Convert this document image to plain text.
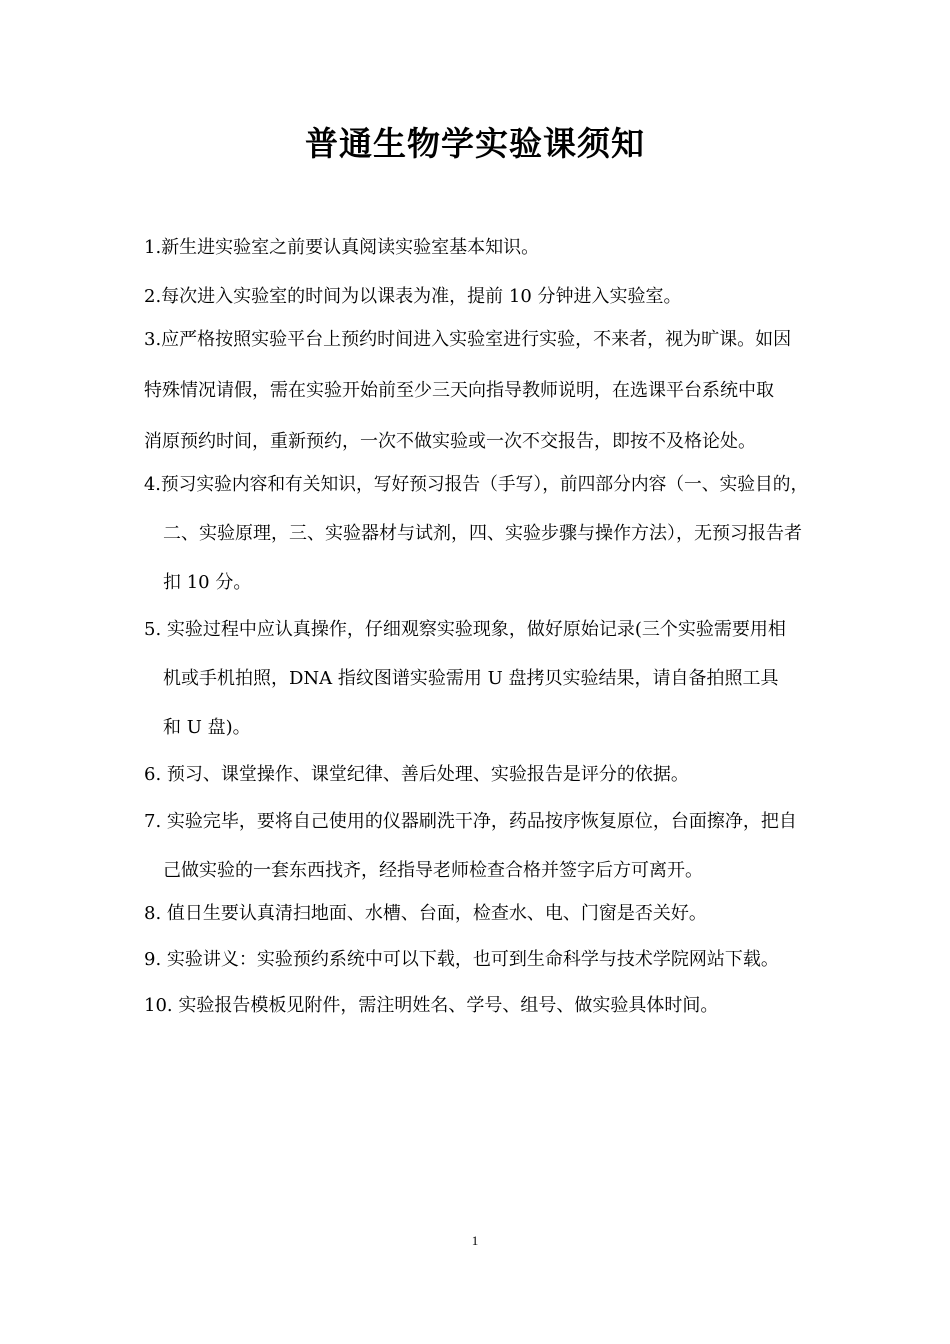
普通生物学实验课须知

1.新生进实验室之前要认真阅读实验室基本知识。

2.每次进入实验室的时间为以课表为准，提前 10 分钟进入实验室。

3.应严格按照实验平台上预约时间进入实验室进行实验，不来者，视为旷课。如因

特殊情况请假，需在实验开始前至少三天向指导教师说明，在选课平台系统中取

消原预约时间，重新预约，一次不做实验或一次不交报告，即按不及格论处。

4.预习实验内容和有关知识，写好预习报告（手写），前四部分内容（一、实验目的，

二、实验原理，三、实验器材与试剂，四、实验步骤与操作方法），无预习报告者

扣 10 分。

5. 实验过程中应认真操作，仔细观察实验现象，做好原始记录(三个实验需要用相

机或手机拍照，DNA 指纹图谱实验需用 U 盘拷贝实验结果，请自备拍照工具

和 U 盘)。

6. 预习、课堂操作、课堂纪律、善后处理、实验报告是评分的依据。

7. 实验完毕，要将自己使用的仪器刷洗干净，药品按序恢复原位，台面擦净，把自

己做实验的一套东西找齐，经指导老师检查合格并签字后方可离开。

8. 值日生要认真清扫地面、水槽、台面，检查水、电、门窗是否关好。

9. 实验讲义：实验预约系统中可以下载，也可到生命科学与技术学院网站下载。

10. 实验报告模板见附件，需注明姓名、学号、组号、做实验具体时间。

1
